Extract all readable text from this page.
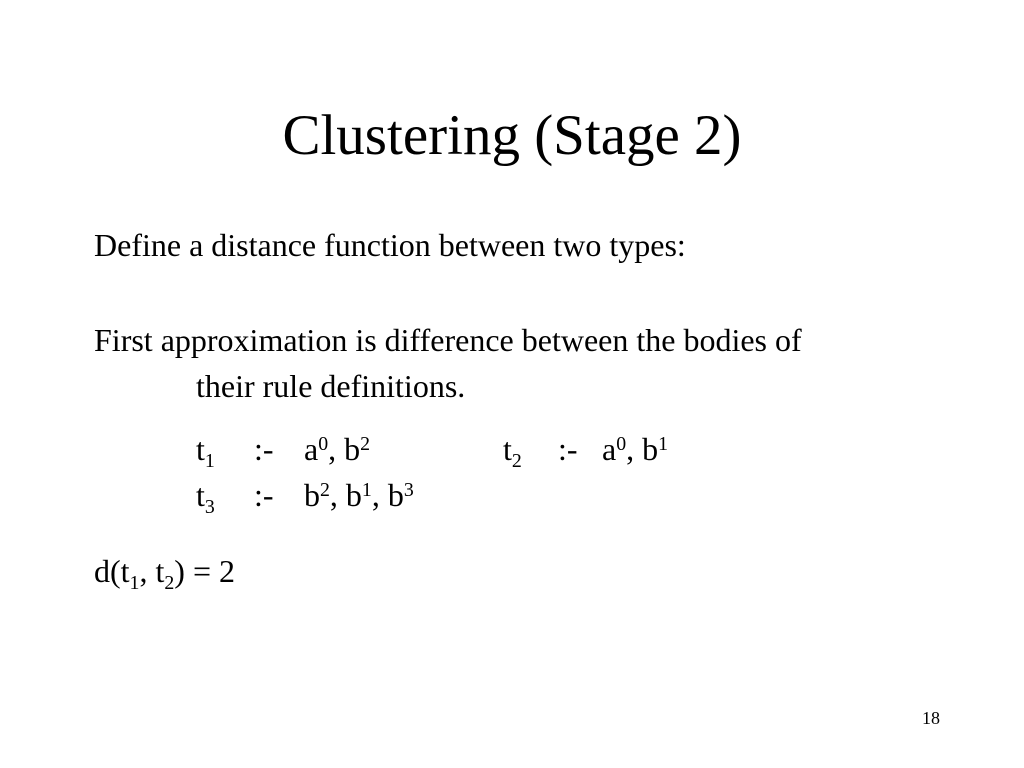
Clustering (Stage 2)
Define a distance function between two types:
First approximation is difference between the bodies of
their rule definitions.
$t_1$ :- $a^0$, $b^2$	$t_2$ :- $a^0$, $b^1$
$t_3$ :- $b^2$, $b^1$, $b^3$
$d(t_1$, $t_2) = 2$
18
